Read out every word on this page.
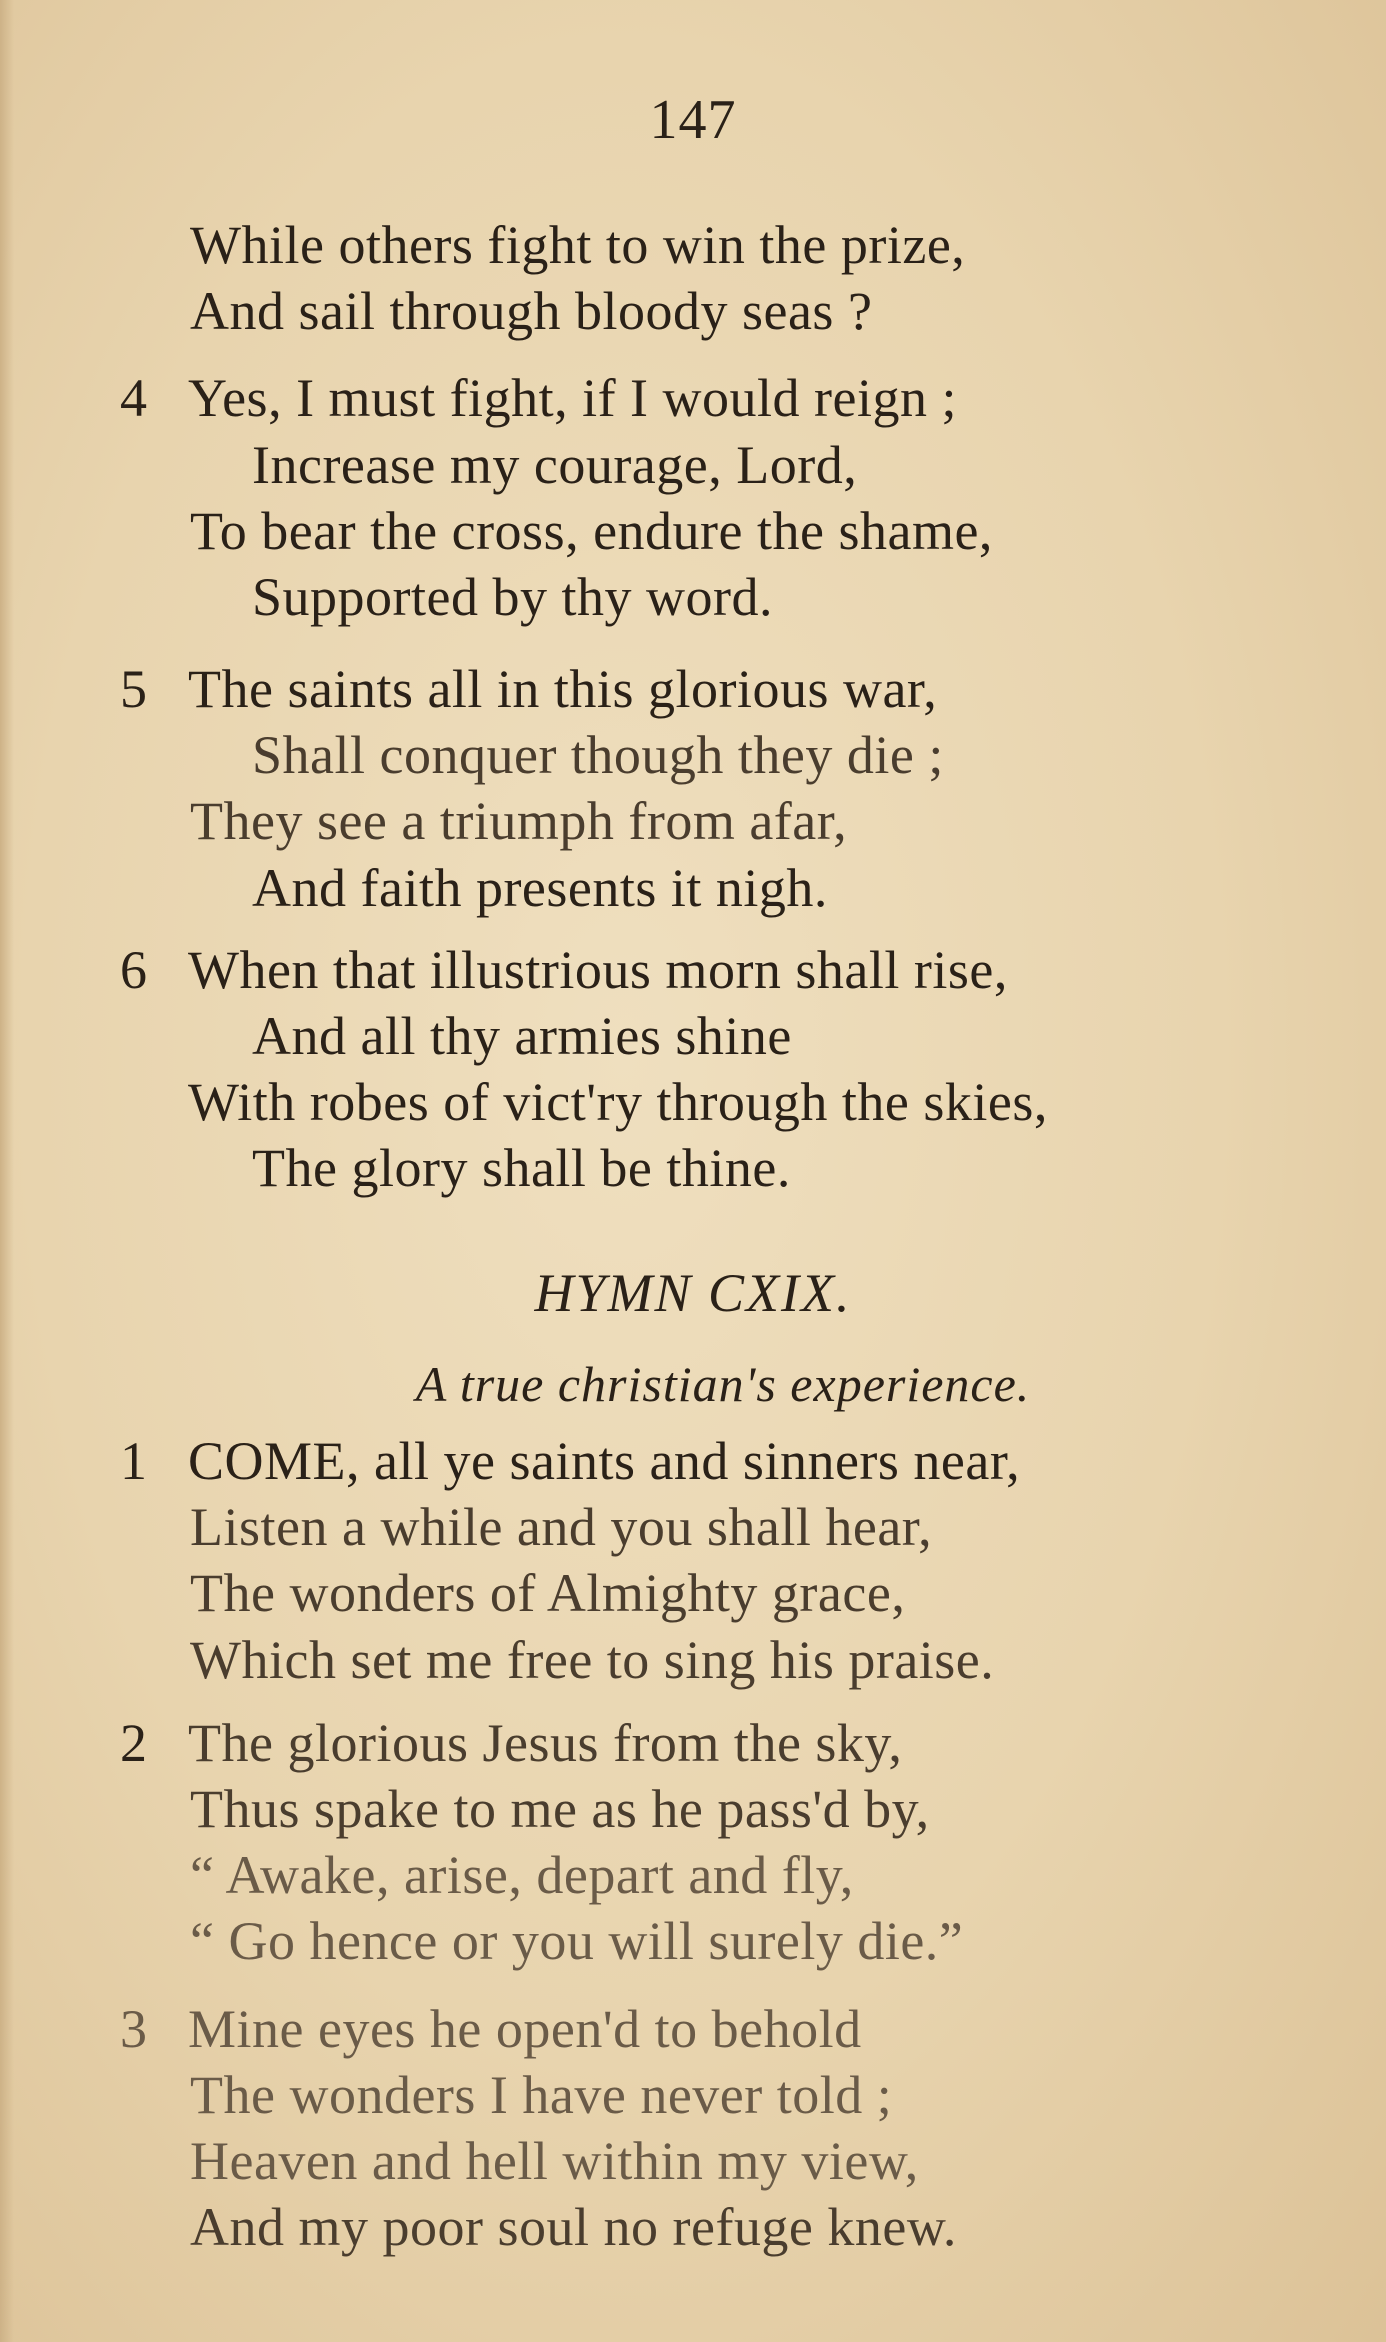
147
While others fight to win the prize,
And sail through bloody seas ?
4 Yes, I must fight, if I would reign ;
Increase my courage, Lord,
To bear the cross, endure the shame,
Supported by thy word.
5 The saints all in this glorious war,
Shall conquer though they die ;
They see a triumph from afar,
And faith presents it nigh.
6 When that illustrious morn shall rise,
And all thy armies shine
With robes of vict'ry through the skies,
The glory shall be thine.
HYMN CXIX.
A true christian's experience.
1 COME, all ye saints and sinners near,
Listen a while and you shall hear,
The wonders of Almighty grace,
Which set me free to sing his praise.
2 The glorious Jesus from the sky,
Thus spake to me as he pass'd by,
“ Awake, arise, depart and fly,
“ Go hence or you will surely die.”
3 Mine eyes he open'd to behold
The wonders I have never told ;
Heaven and hell within my view,
And my poor soul no refuge knew.
